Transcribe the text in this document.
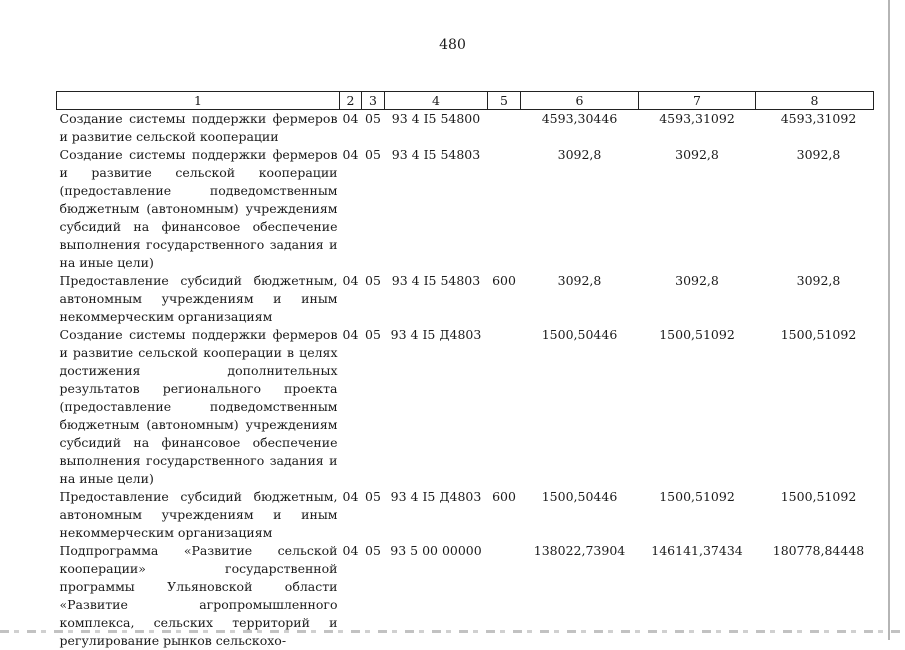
480
1	2	3	4	5	6	7	8
Создание системы поддержки фермеров и развитие сельской кооперации	04	05	93 4 I5 54800		4593,30446	4593,31092	4593,31092
Создание системы поддержки фермеров и развитие сельской кооперации (предоставление подведомственным бюджетным (автономным) учреждениям субсидий на финансовое обеспечение выполнения государственного задания и на иные цели)	04	05	93 4 I5 54803		3092,8	3092,8	3092,8
Предоставление субсидий бюджетным, автономным учреждениям и иным некоммерческим организациям	04	05	93 4 I5 54803	600	3092,8	3092,8	3092,8
Создание системы поддержки фермеров и развитие сельской кооперации в целях достижения дополнительных результатов регионального проекта (предоставление подведомственным бюджетным (автономным) учреждениям субсидий на финансовое обеспечение выполнения государственного задания и на иные цели)	04	05	93 4 I5 Д4803		1500,50446	1500,51092	1500,51092
Предоставление субсидий бюджетным, автономным учреждениям и иным некоммерческим организациям	04	05	93 4 I5 Д4803	600	1500,50446	1500,51092	1500,51092
Подпрограмма «Развитие сельской кооперации» государственной программы Ульяновской области «Развитие агропромышленного комплекса, сельских территорий и регулирование рынков сельскохо-	04	05	93 5 00 00000		138022,73904	146141,37434	180778,84448
